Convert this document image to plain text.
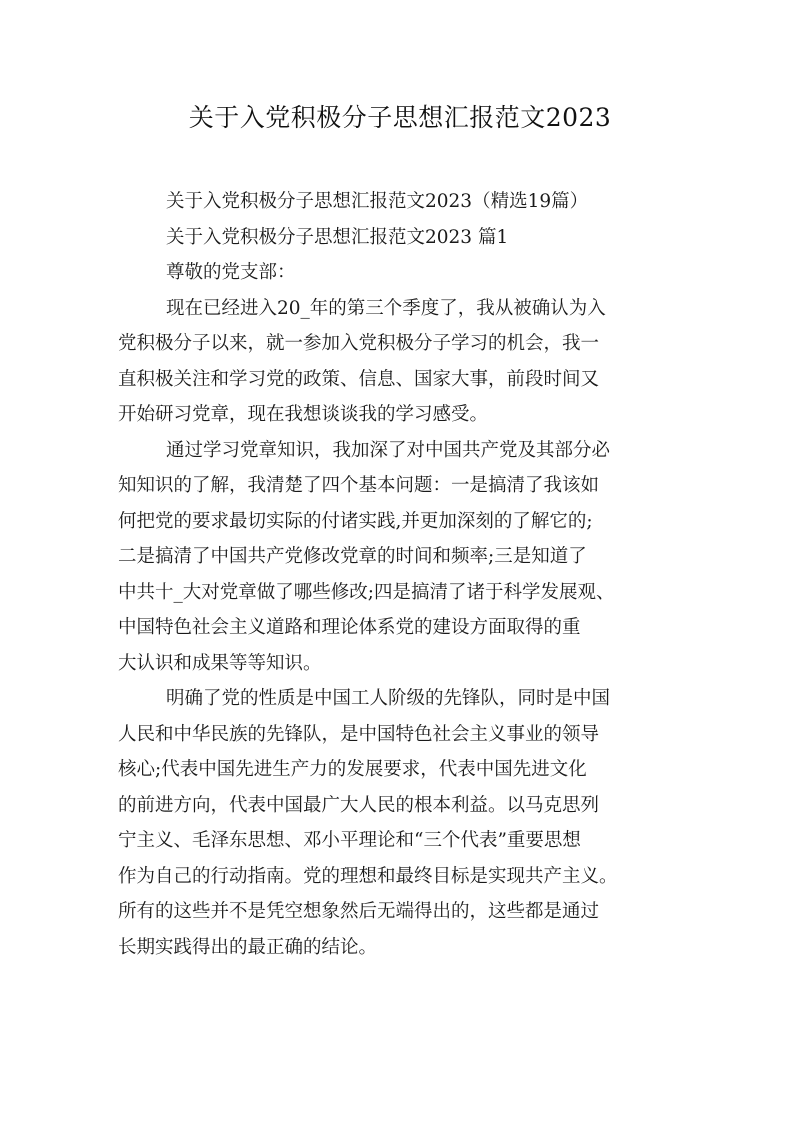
关于入党积极分子思想汇报范文2023
关于入党积极分子思想汇报范文2023（精选19篇）
关于入党积极分子思想汇报范文2023 篇1
尊敬的党支部：
现在已经进入20_年的第三个季度了，我从被确认为入
党积极分子以来，就一参加入党积极分子学习的机会，我一
直积极关注和学习党的政策、信息、国家大事，前段时间又
开始研习党章，现在我想谈谈我的学习感受。
通过学习党章知识，我加深了对中国共产党及其部分必
知知识的了解，我清楚了四个基本问题：一是搞清了我该如
何把党的要求最切实际的付诸实践,并更加深刻的了解它的;
二是搞清了中国共产党修改党章的时间和频率;三是知道了
中共十_大对党章做了哪些修改;四是搞清了诸于科学发展观、
中国特色社会主义道路和理论体系党的建设方面取得的重
大认识和成果等等知识。
明确了党的性质是中国工人阶级的先锋队，同时是中国
人民和中华民族的先锋队，是中国特色社会主义事业的领导
核心;代表中国先进生产力的发展要求，代表中国先进文化
的前进方向，代表中国最广大人民的根本利益。以马克思列
宁主义、毛泽东思想、邓小平理论和“三个代表”重要思想
作为自己的行动指南。党的理想和最终目标是实现共产主义。
所有的这些并不是凭空想象然后无端得出的，这些都是通过
长期实践得出的最正确的结论。
